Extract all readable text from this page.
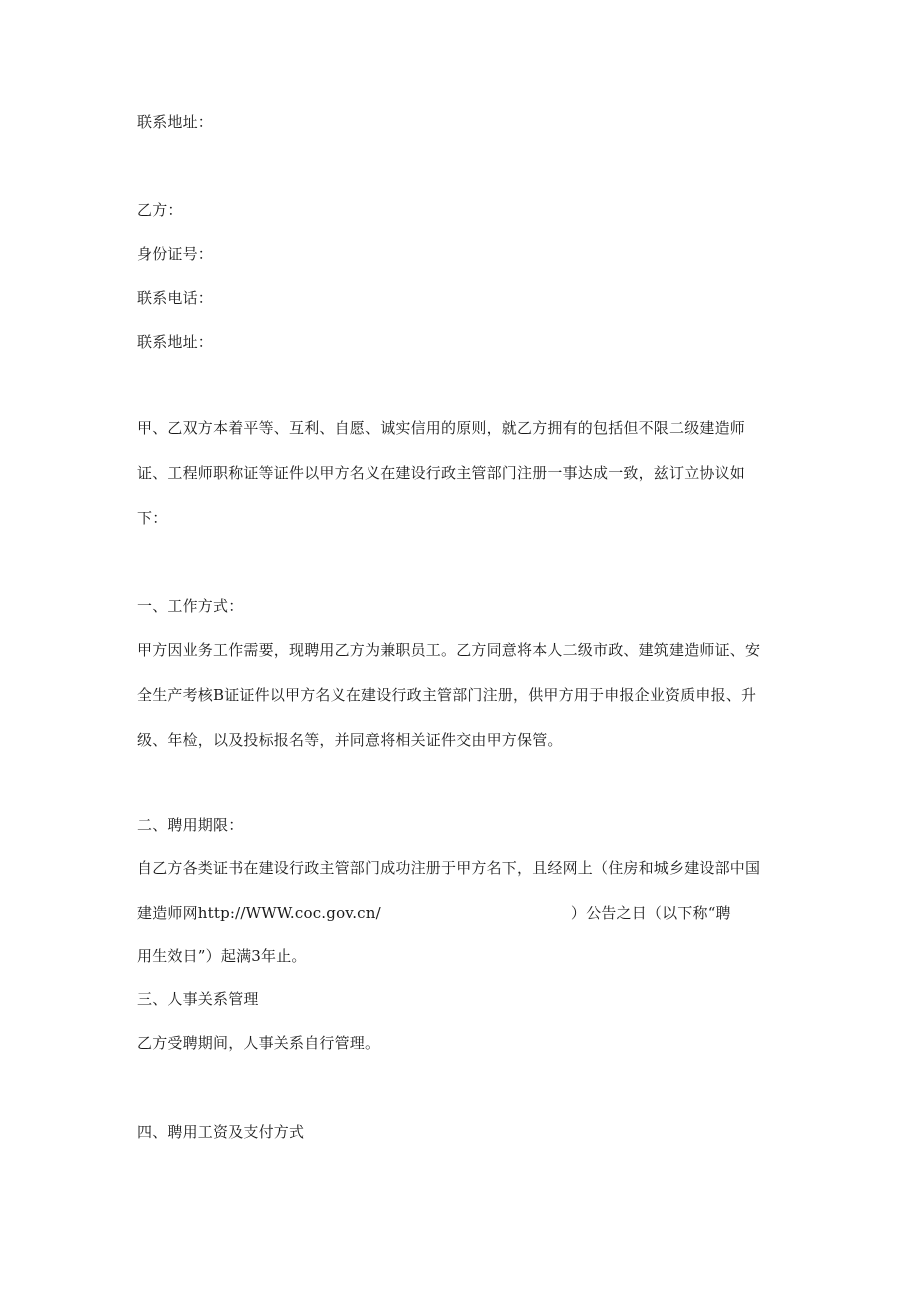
联系地址：
乙方：
身份证号：
联系电话：
联系地址：
甲、乙双方本着平等、互利、自愿、诚实信用的原则，就乙方拥有的包括但不限二级建造师
证、工程师职称证等证件以甲方名义在建设行政主管部门注册一事达成一致，兹订立协议如
下：
一、工作方式：
甲方因业务工作需要，现聘用乙方为兼职员工。乙方同意将本人二级市政、建筑建造师证、安
全生产考核B证证件以甲方名义在建设行政主管部门注册，供甲方用于申报企业资质申报、升
级、年检，以及投标报名等，并同意将相关证件交由甲方保管。
二、聘用期限：
自乙方各类证书在建设行政主管部门成功注册于甲方名下，且经网上（住房和城乡建设部中国
建造师网http://WWW.coc.gov.cn/	）公告之日（以下称“聘
用生效日”）起满3年止。
三、人事关系管理
乙方受聘期间，人事关系自行管理。
四、聘用工资及支付方式
